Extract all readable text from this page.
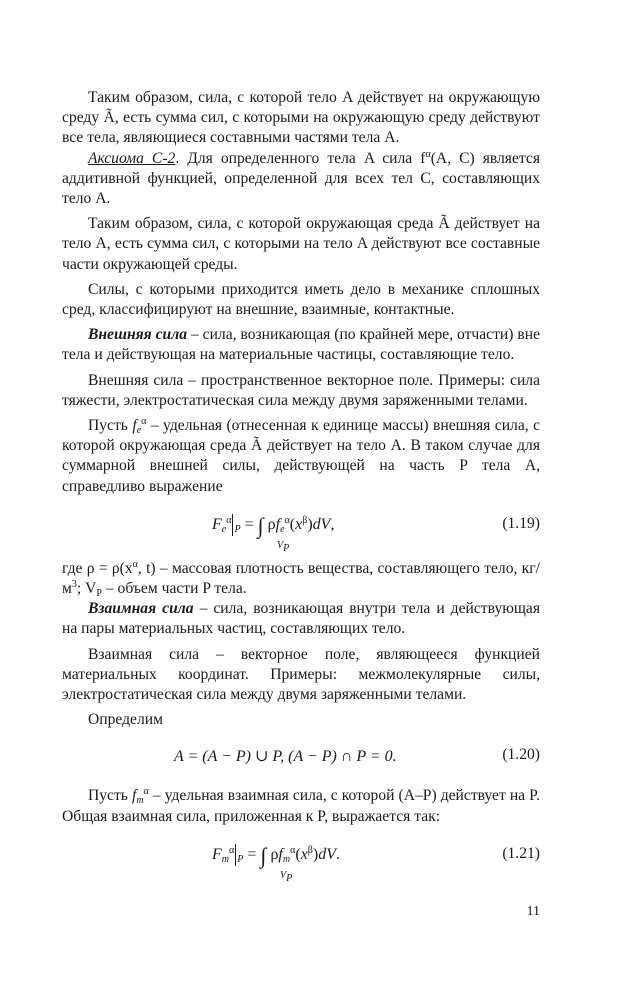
Таким образом, сила, с которой тело A действует на окружающую среду Ã, есть сумма сил, с которыми на окружающую среду действуют все тела, являющиеся составными частями тела A.

Аксиома С-2. Для определенного тела A сила $f^\alpha(A$, C) является аддитивной функцией, определенной для всех тел C, составляющих тело A.

Таким образом, сила, с которой окружающая среда Ã действует на тело A, есть сумма сил, с которыми на тело A действуют все составные части окружающей среды.

Силы, с которыми приходится иметь дело в механике сплошных сред, классифицируют на внешние, взаимные, контактные.

Внешняя сила – сила, возникающая (по крайней мере, отчасти) вне тела и действующая на материальные частицы, составляющие тело.

Внешняя сила – пространственное векторное поле. Примеры: сила тяжести, электростатическая сила между двумя заряженными телами.

Пусть $f_e^\alpha$ – удельная (отнесенная к единице массы) внешняя сила, с которой окружающая среда Ã действует на тело A. В таком случае для суммарной внешней силы, действующей на часть P тела A, справедливо выражение

$F_e^\alpha_P$ = ∫ $\rho f_e^\alpha(x^\beta)dV$,
$V_P$
(1.19)

где $\rho = \rho(x^\alpha$, t) – массовая плотность вещества, составляющего тело, $кг/м^3$; $V_P$ – объем части P тела.

Взаимная сила – сила, возникающая внутри тела и действующая на пары материальных частиц, составляющих тело.

Взаимная сила – векторное поле, являющееся функцией материальных координат. Примеры: межмолекулярные силы, электростатическая сила между двумя заряженными телами.

Определим

A = (A − P) ∪ P, (A − P) ∩ P = 0.	(1.20)

Пусть $f_m^\alpha$ – удельная взаимная сила, с которой (A–P) действует на P. Общая взаимная сила, приложенная к P, выражается так:

$F_m^\alpha_P$ = ∫ $\rho f_m^\alpha(x^\beta)dV$.
$V_P$
(1.21)
11
